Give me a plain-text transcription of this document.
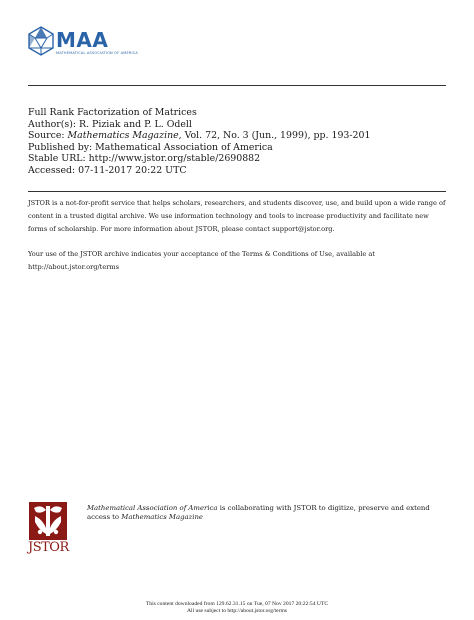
MAA
MATHEMATICAL ASSOCIATION OF AMERICA
Full Rank Factorization of Matrices
Author(s): R. Piziak and P. L. Odell
Source: Mathematics Magazine, Vol. 72, No. 3 (Jun., 1999), pp. 193-201
Published by: Mathematical Association of America
Stable URL: http://www.jstor.org/stable/2690882
Accessed: 07-11-2017 20:22 UTC

JSTOR is a not-for-profit service that helps scholars, researchers, and students discover, use, and build upon a wide range of content in a trusted digital archive. We use information technology and tools to increase productivity and facilitate new forms of scholarship. For more information about JSTOR, please contact support@jstor.org.

Your use of the JSTOR archive indicates your acceptance of the Terms & Conditions of Use, available at http://about.jstor.org/terms

JSTOR
Mathematical Association of America is collaborating with JSTOR to digitize, preserve and extend access to Mathematics Magazine
This content downloaded from 129.62.31.15 on Tue, 07 Nov 2017 20:22:54 UTC
All use subject to http://about.jstor.org/terms
